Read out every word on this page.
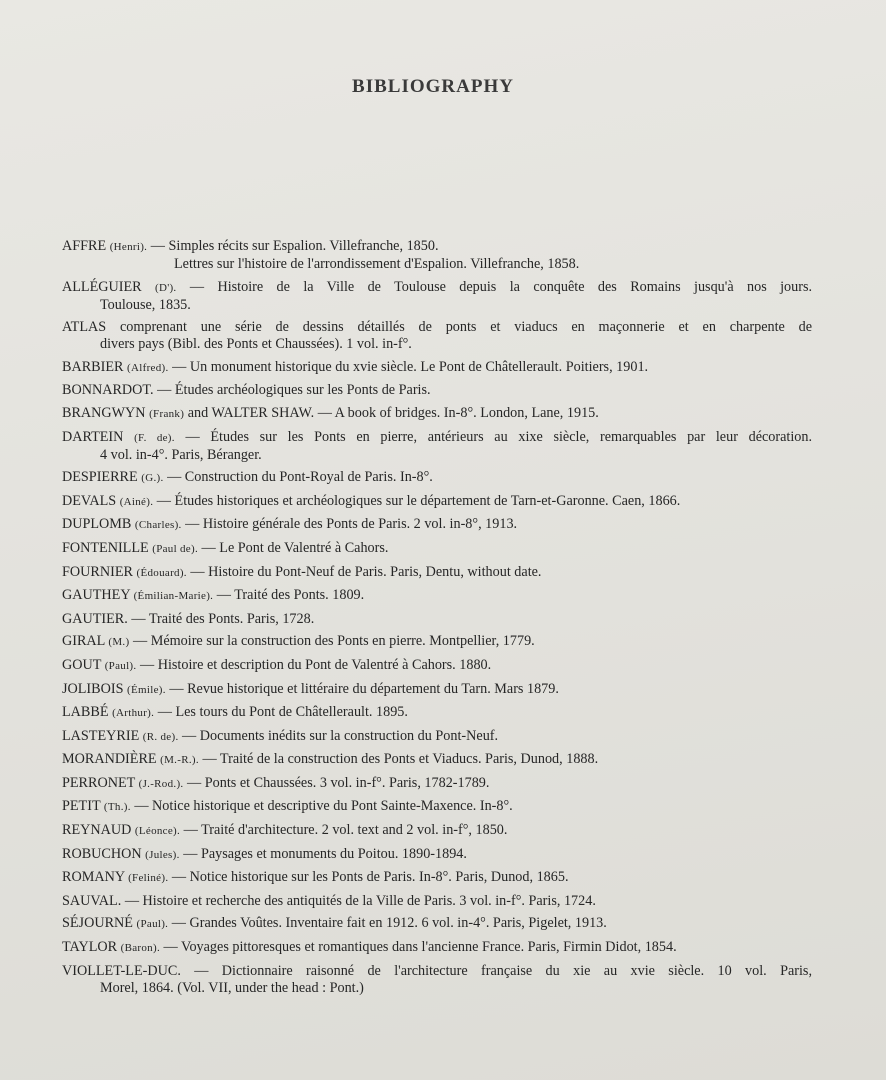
BIBLIOGRAPHY
AFFRE (Henri). — Simples récits sur Espalion. Villefranche, 1850.
Lettres sur l'histoire de l'arrondissement d'Espalion. Villefranche, 1858.
ALLÉGUIER (D'). — Histoire de la Ville de Toulouse depuis la conquête des Romains jusqu'à nos jours.
Toulouse, 1835.
ATLAS comprenant une série de dessins détaillés de ponts et viaducs en maçonnerie et en charpente de
divers pays (Bibl. des Ponts et Chaussées). 1 vol. in-f°.
BARBIER (Alfred). — Un monument historique du xvie siècle. Le Pont de Châtellerault. Poitiers, 1901.
BONNARDOT. — Études archéologiques sur les Ponts de Paris.
BRANGWYN (Frank) and WALTER SHAW. — A book of bridges. In-8°. London, Lane, 1915.
DARTEIN (F. de). — Études sur les Ponts en pierre, antérieurs au xixe siècle, remarquables par leur décoration.
4 vol. in-4°. Paris, Béranger.
DESPIERRE (G.). — Construction du Pont-Royal de Paris. In-8°.
DEVALS (Ainé). — Études historiques et archéologiques sur le département de Tarn-et-Garonne. Caen, 1866.
DUPLOMB (Charles). — Histoire générale des Ponts de Paris. 2 vol. in-8°, 1913.
FONTENILLE (Paul de). — Le Pont de Valentré à Cahors.
FOURNIER (Édouard). — Histoire du Pont-Neuf de Paris. Paris, Dentu, without date.
GAUTHEY (Émilian-Marie). — Traité des Ponts. 1809.
GAUTIER. — Traité des Ponts. Paris, 1728.
GIRAL (M.) — Mémoire sur la construction des Ponts en pierre. Montpellier, 1779.
GOUT (Paul). — Histoire et description du Pont de Valentré à Cahors. 1880.
JOLIBOIS (Émile). — Revue historique et littéraire du département du Tarn. Mars 1879.
LABBÉ (Arthur). — Les tours du Pont de Châtellerault. 1895.
LASTEYRIE (R. de). — Documents inédits sur la construction du Pont-Neuf.
MORANDIÈRE (M.-R.). — Traité de la construction des Ponts et Viaducs. Paris, Dunod, 1888.
PERRONET (J.-Rod.). — Ponts et Chaussées. 3 vol. in-f°. Paris, 1782-1789.
PETIT (Th.). — Notice historique et descriptive du Pont Sainte-Maxence. In-8°.
REYNAUD (Léonce). — Traité d'architecture. 2 vol. text and 2 vol. in-f°, 1850.
ROBUCHON (Jules). — Paysages et monuments du Poitou. 1890-1894.
ROMANY (Feliné). — Notice historique sur les Ponts de Paris. In-8°. Paris, Dunod, 1865.
SAUVAL. — Histoire et recherche des antiquités de la Ville de Paris. 3 vol. in-f°. Paris, 1724.
SÉJOURNÉ (Paul). — Grandes Voûtes. Inventaire fait en 1912. 6 vol. in-4°. Paris, Pigelet, 1913.
TAYLOR (Baron). — Voyages pittoresques et romantiques dans l'ancienne France. Paris, Firmin Didot, 1854.
VIOLLET-LE-DUC. — Dictionnaire raisonné de l'architecture française du xie au xvie siècle. 10 vol. Paris,
Morel, 1864. (Vol. VII, under the head : Pont.)
